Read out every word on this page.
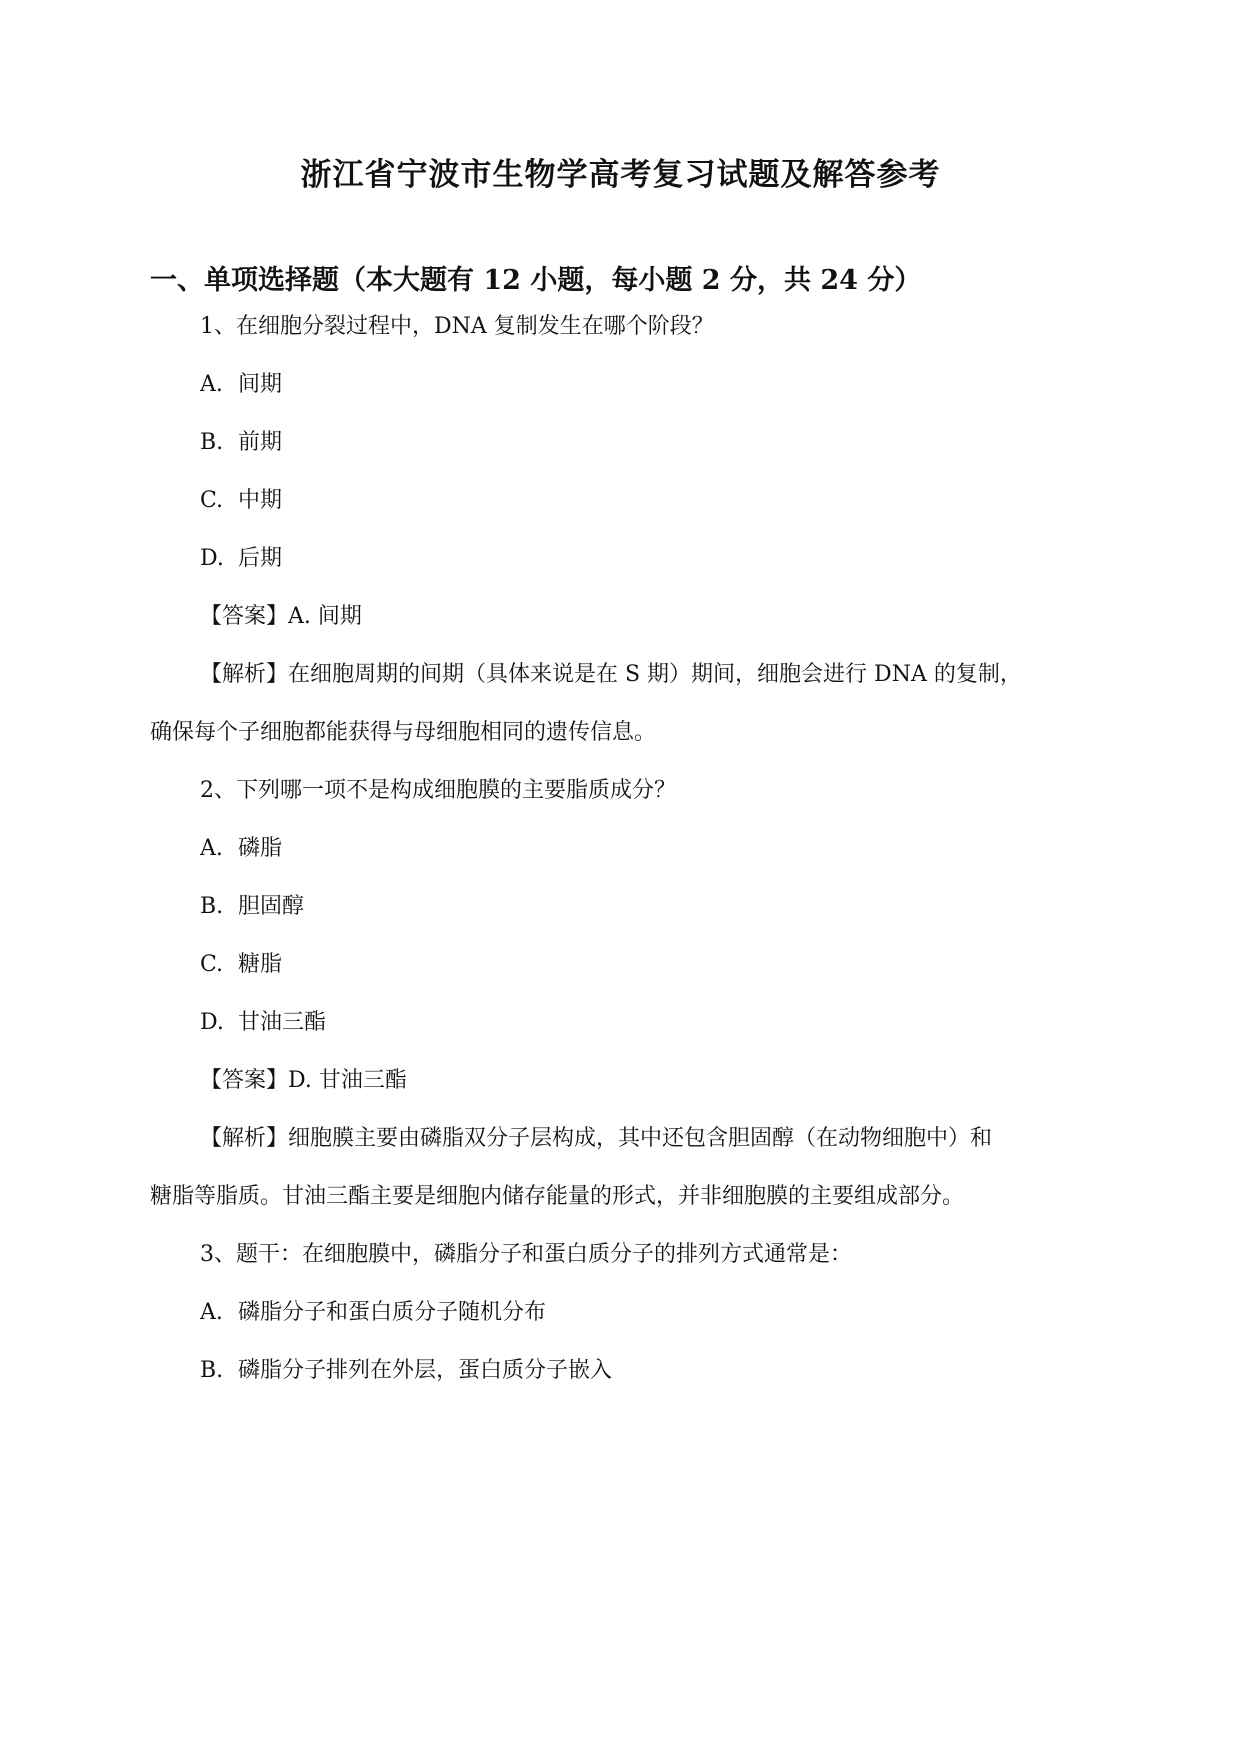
浙江省宁波市生物学高考复习试题及解答参考
一、单项选择题（本大题有 12 小题，每小题 2 分，共 24 分）
1、在细胞分裂过程中，DNA 复制发生在哪个阶段？
A. 间期
B. 前期
C. 中期
D. 后期
【答案】A. 间期
【解析】在细胞周期的间期（具体来说是在 S 期）期间，细胞会进行 DNA 的复制，
确保每个子细胞都能获得与母细胞相同的遗传信息。
2、下列哪一项不是构成细胞膜的主要脂质成分？
A. 磷脂
B. 胆固醇
C. 糖脂
D. 甘油三酯
【答案】D. 甘油三酯
【解析】细胞膜主要由磷脂双分子层构成，其中还包含胆固醇（在动物细胞中）和
糖脂等脂质。甘油三酯主要是细胞内储存能量的形式，并非细胞膜的主要组成部分。
3、题干：在细胞膜中，磷脂分子和蛋白质分子的排列方式通常是：
A. 磷脂分子和蛋白质分子随机分布
B. 磷脂分子排列在外层，蛋白质分子嵌入
